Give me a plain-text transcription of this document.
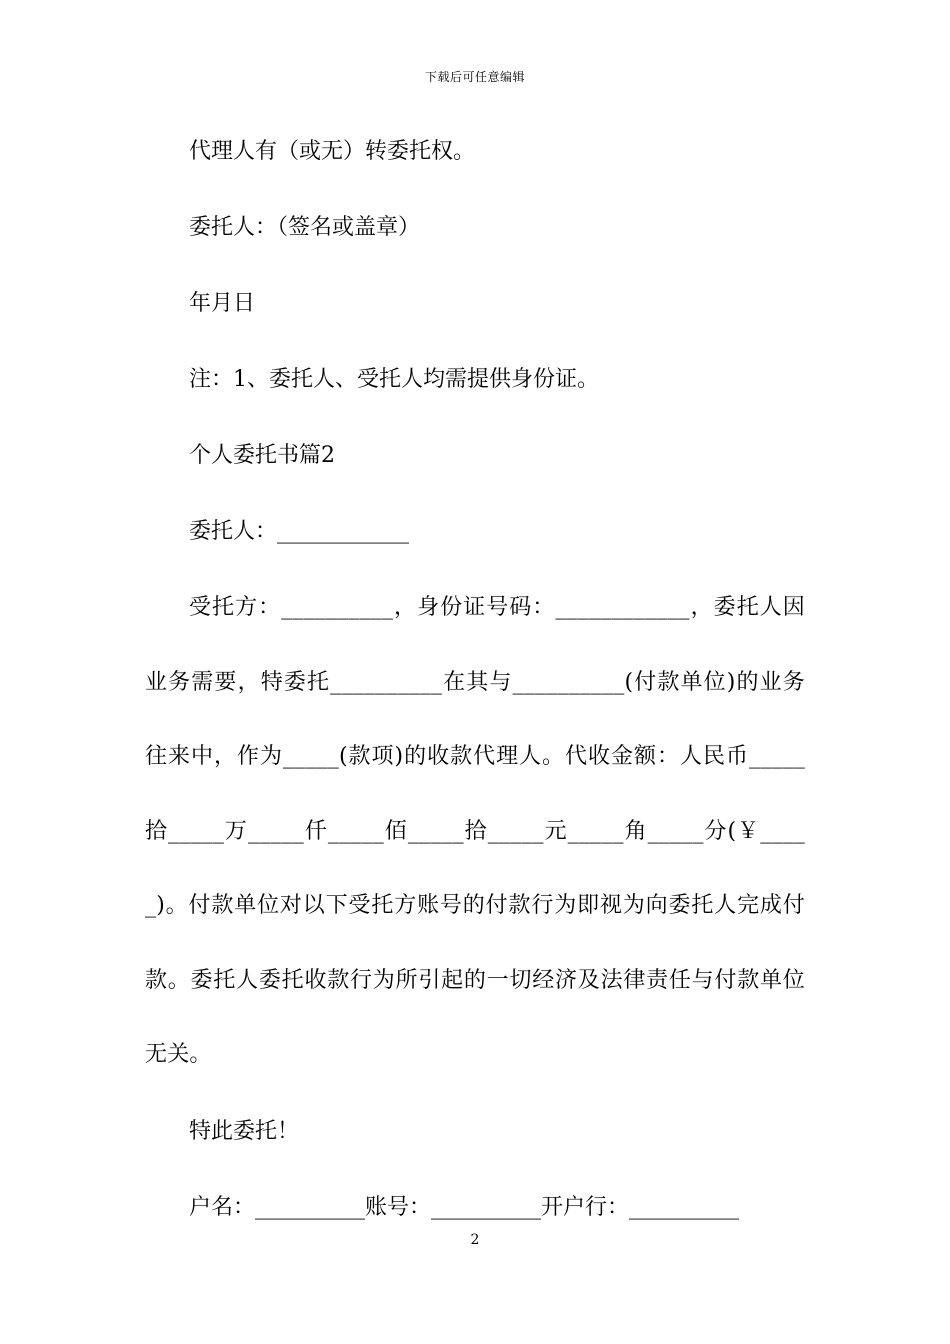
下载后可任意编辑

代理人有（或无）转委托权。

委托人：（签名或盖章）

年月日

注：1、委托人、受托人均需提供身份证。

个人委托书篇2

委托人：____________

受托方：__________，身份证号码：____________，委托人因业务需要，特委托__________在其与__________(付款单位)的业务往来中，作为_____(款项)的收款代理人。代收金额：人民币_____拾_____万_____仟_____佰_____拾_____元_____角_____分(￥_____)。付款单位对以下受托方账号的付款行为即视为向委托人完成付款。委托人委托收款行为所引起的一切经济及法律责任与付款单位无关。

特此委托！

户名：__________账号：__________开户行：__________

2
